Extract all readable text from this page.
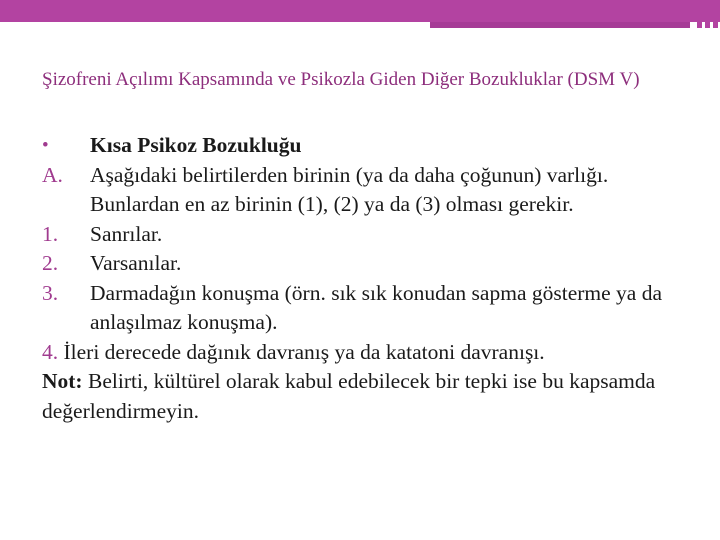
Şizofreni Açılımı Kapsamında ve Psikozla Giden Diğer Bozukluklar (DSM V)
•	Kısa Psikoz Bozukluğu
A.	Aşağıdaki belirtilerden birinin (ya da daha çoğunun) varlığı. Bunlardan en az birinin (1), (2) ya da (3) olması gerekir.
1.	Sanrılar.
2.	Varsanılar.
3.	Darmadağın konuşma (örn. sık sık konudan sapma gösterme ya da anlaşılmaz konuşma).
4. İleri derecede dağınık davranış ya da katatoni davranışı.
Not: Belirti, kültürel olarak kabul edebilecek bir tepki ise bu kapsamda değerlendirmeyin.
